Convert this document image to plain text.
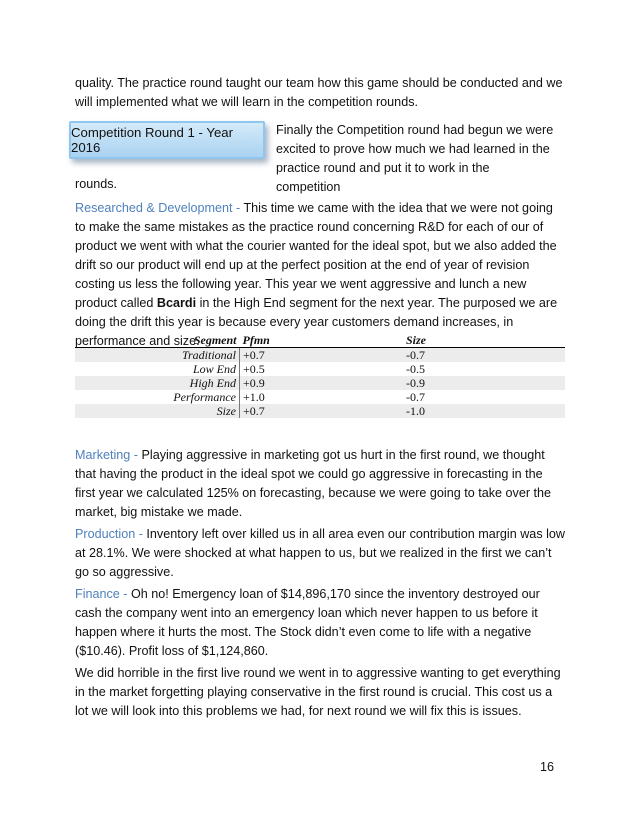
quality. The practice round taught our team how this game should be conducted and we will implemented what we will learn in the competition rounds.

Competition Round 1 - Year 2016

Finally the Competition round had begun we were

excited to prove how much we had learned in the

practice round and put it to work in the competition

rounds.

Researched & Development - This time we came with the idea that we were not going to make the same mistakes as the practice round concerning R&D for each of our of product we went with what the courier wanted for the ideal spot, but we also added the drift so our product will end up at the perfect position at the end of year of revision costing us less the following year. This year we went aggressive and lunch a new product called Bcardi in the High End segment for the next year. The purposed we are doing the drift this year is because every year customers demand increases, in performance and size.

Segment	Pfmn	Size
Traditional	+0.7	-0.7
Low End	+0.5	-0.5
High End	+0.9	-0.9
Performance	+1.0	-0.7
Size	+0.7	-1.0

Marketing - Playing aggressive in marketing got us hurt in the first round, we thought that having the product in the ideal spot we could go aggressive in forecasting in the first year we calculated 125% on forecasting, because we were going to take over the market, big mistake we made.

Production - Inventory left over killed us in all area even our contribution margin was low at 28.1%. We were shocked at what happen to us, but we realized in the first we can’t go so aggressive.

Finance - Oh no! Emergency loan of $14,896,170 since the inventory destroyed our cash the company went into an emergency loan which never happen to us before it happen where it hurts the most. The Stock didn’t even come to life with a negative ($10.46). Profit loss of $1,124,860.

We did horrible in the first live round we went in to aggressive wanting to get everything in the market forgetting playing conservative in the first round is crucial. This cost us a lot we will look into this problems we had, for next round we will fix this is issues.

16
